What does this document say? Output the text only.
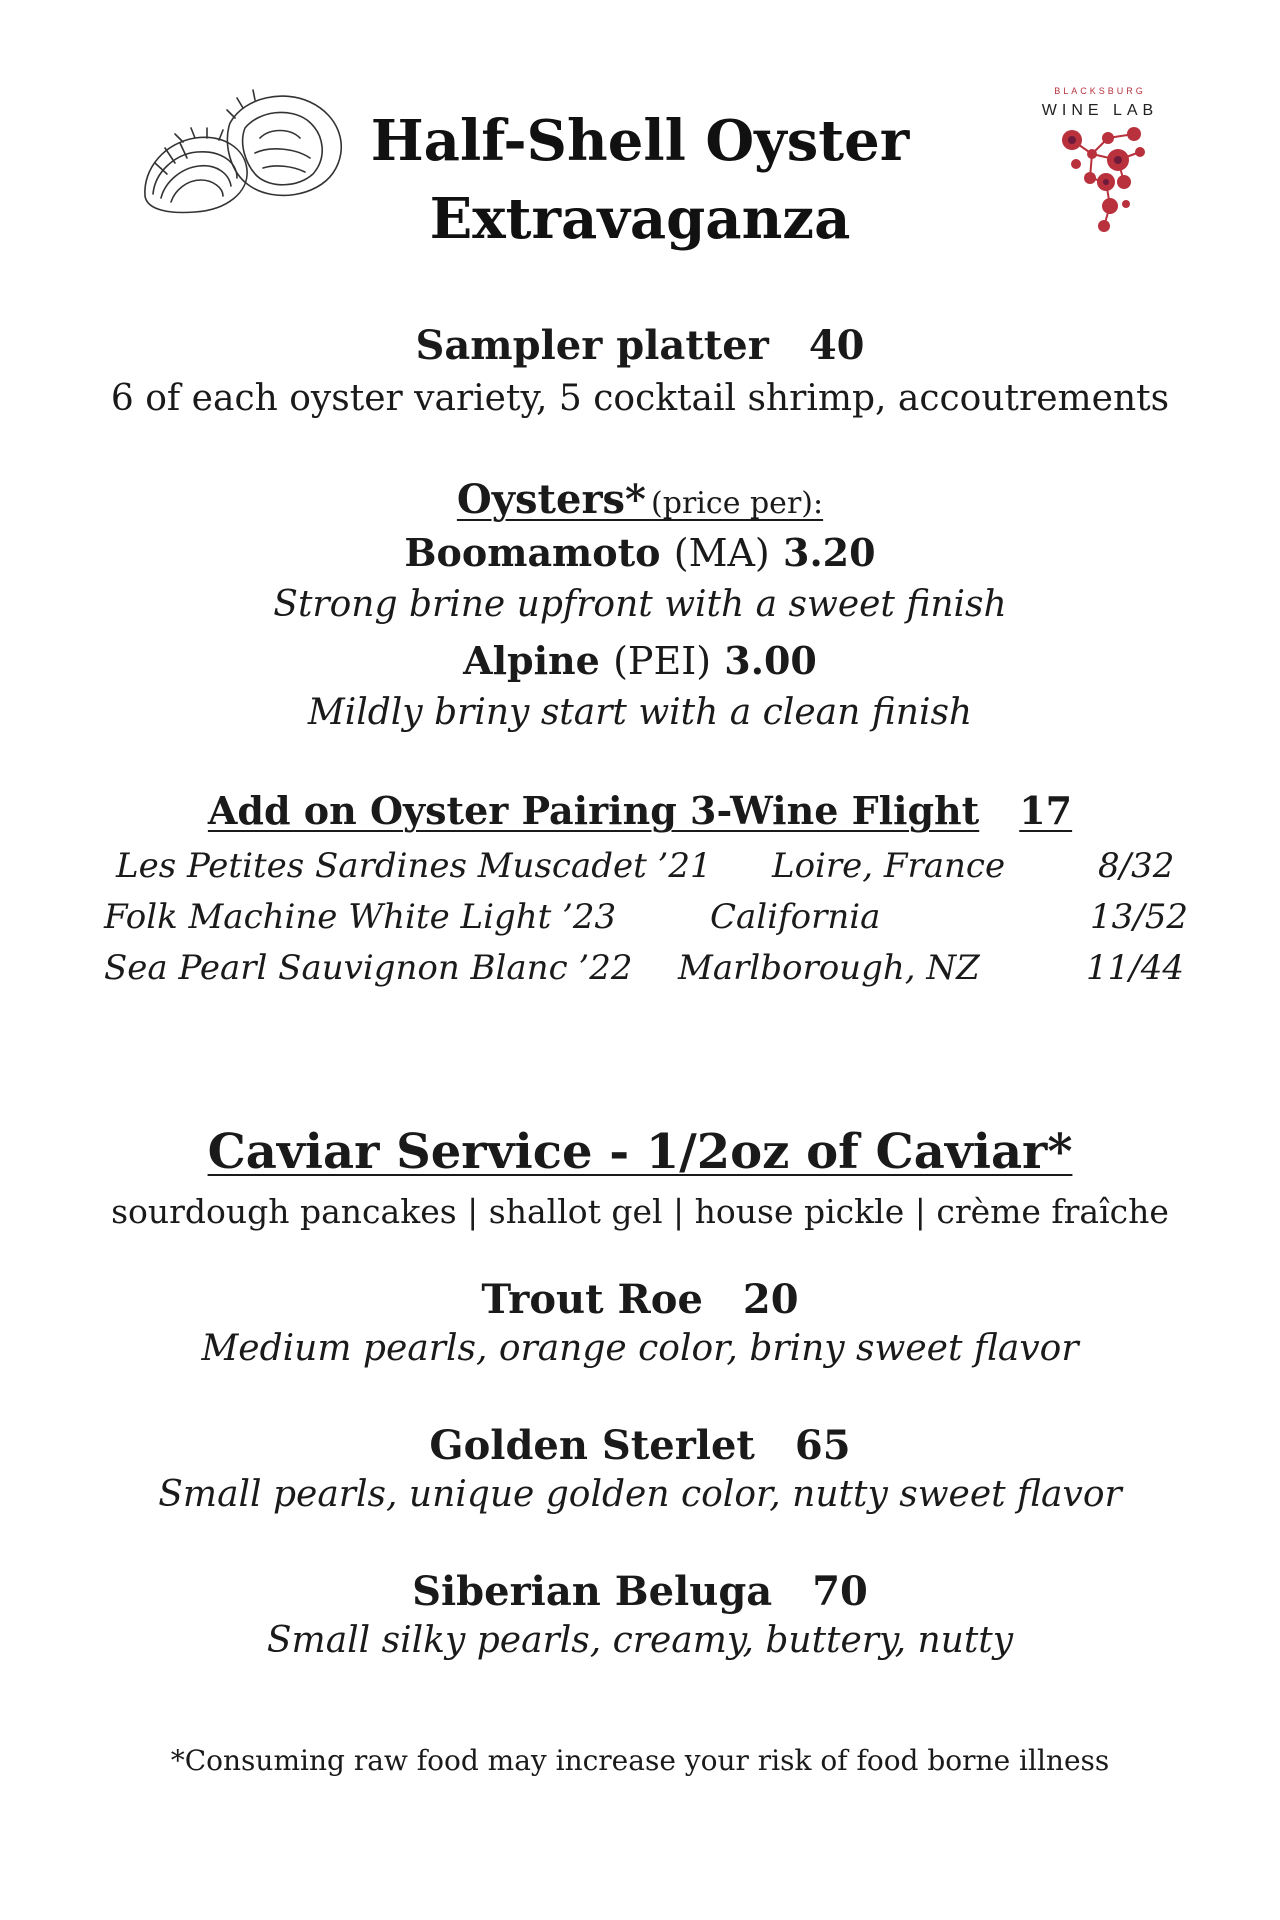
BLACKSBURG
WINE LAB
Half-Shell Oyster
Extravaganza
Sampler platter 40
6 of each oyster variety, 5 cocktail shrimp, accoutrements
Oysters* (price per):
Boomamoto (MA) 3.20
Strong brine upfront with a sweet finish
Alpine (PEI) 3.00
Mildly briny start with a clean finish
Add on Oyster Pairing 3-Wine Flight 17
Les Petites Sardines Muscadet ’21 Loire, France	8/32
Folk Machine White Light ’23	California	13/52
Sea Pearl Sauvignon Blanc ’22 Marlborough, NZ	11/44
Caviar Service - 1/2oz of Caviar*
sourdough pancakes | shallot gel | house pickle | crème fraîche
Trout Roe 20
Medium pearls, orange color, briny sweet flavor
Golden Sterlet 65
Small pearls, unique golden color, nutty sweet flavor
Siberian Beluga 70
Small silky pearls, creamy, buttery, nutty
*Consuming raw food may increase your risk of food borne illness
